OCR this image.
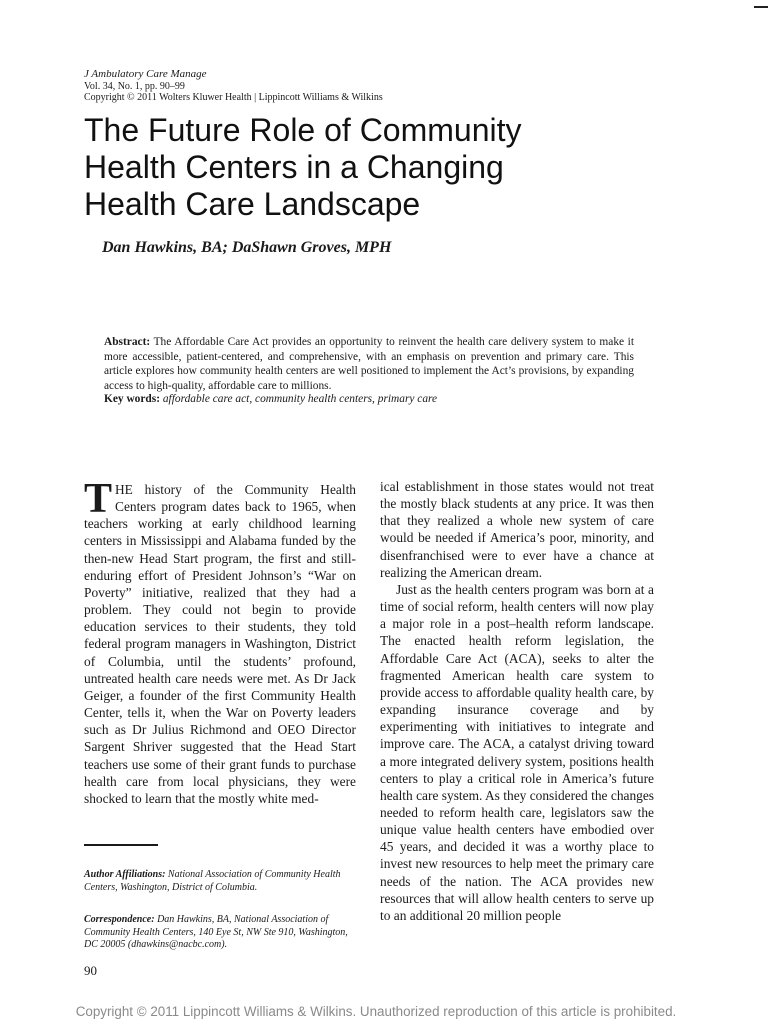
J Ambulatory Care Manage
Vol. 34, No. 1, pp. 90–99
Copyright © 2011 Wolters Kluwer Health | Lippincott Williams & Wilkins
The Future Role of Community
Health Centers in a Changing
Health Care Landscape
Dan Hawkins, BA; DaShawn Groves, MPH
Abstract: The Affordable Care Act provides an opportunity to reinvent the health care delivery system to make it more accessible, patient-centered, and comprehensive, with an emphasis on prevention and primary care. This article explores how community health centers are well positioned to implement the Act’s provisions, by expanding access to high-quality, affordable care to millions.
Key words: affordable care act, community health centers, primary care

THE history of the Community Health Centers program dates back to 1965, when teachers working at early childhood learning centers in Mississippi and Alabama funded by the then-new Head Start program, the first and still-enduring effort of President Johnson’s “War on Poverty” initiative, realized that they had a problem. They could not begin to provide education services to their students, they told federal program managers in Washington, District of Columbia, until the students’ profound, untreated health care needs were met. As Dr Jack Geiger, a founder of the first Community Health Center, tells it, when the War on Poverty leaders such as Dr Julius Richmond and OEO Director Sargent Shriver suggested that the Head Start teachers use some of their grant funds to purchase health care from local physicians, they were shocked to learn that the mostly white med-

ical establishment in those states would not treat the mostly black students at any price. It was then that they realized a whole new system of care would be needed if America’s poor, minority, and disenfranchised were to ever have a chance at realizing the American dream.

Just as the health centers program was born at a time of social reform, health centers will now play a major role in a post–health reform landscape. The enacted health reform legislation, the Affordable Care Act (ACA), seeks to alter the fragmented American health care system to provide access to affordable quality health care, by expanding insurance coverage and by experimenting with initiatives to integrate and improve care. The ACA, a catalyst driving toward a more integrated delivery system, positions health centers to play a critical role in America’s future health care system. As they considered the changes needed to reform health care, legislators saw the unique value health centers have embodied over 45 years, and decided it was a worthy place to invest new resources to help meet the primary care needs of the nation. The ACA provides new resources that will allow health centers to serve up to an additional 20 million people

Author Affiliations: National Association of Community Health Centers, Washington, District of Columbia.
Correspondence: Dan Hawkins, BA, National Association of Community Health Centers, 140 Eye St, NW Ste 910, Washington, DC 20005 (dhawkins@nacbc.com).
90
Copyright © 2011 Lippincott Williams & Wilkins. Unauthorized reproduction of this article is prohibited.
